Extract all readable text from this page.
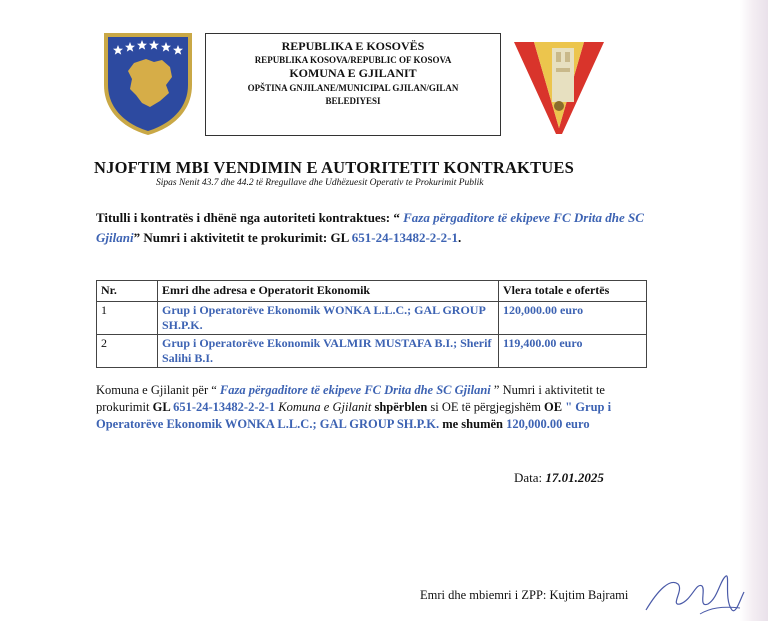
REPUBLIKA E KOSOVËS
REPUBLIKA KOSOVA/REPUBLIC OF KOSOVA
KOMUNA E GJILANIT
OPŠTINA GNJILANE/MUNICIPAL GJILAN/GILAN
BELEDIYESI
NJOFTIM MBI VENDIMIN E AUTORITETIT KONTRAKTUES
Sipas Nenit 43.7 dhe 44.2 të Rregullave dhe Udhëzuesit Operativ te Prokurimit Publik
Titulli i kontratës i dhënë nga autoriteti kontraktues: “ Faza përgaditore të ekipeve FC Drita dhe SC Gjilani” Numri i aktivitetit te prokurimit: GL 651-24-13482-2-2-1.
Nr.	Emri dhe adresa e Operatorit Ekonomik	Vlera totale e ofertës
1	Grup i Operatorëve Ekonomik WONKA L.L.C.; GAL GROUP SH.P.K.	120,000.00 euro
2	Grup i Operatorëve Ekonomik VALMIR MUSTAFA B.I.; Sherif Salihi B.I.	119,400.00 euro
Komuna e Gjilanit për “ Faza përgaditore të ekipeve FC Drita dhe SC Gjilani ” Numri i aktivitetit te prokurimit GL 651-24-13482-2-2-1 Komuna e Gjilanit shpërblen si OE të përgjegjshëm OE " Grup i Operatorëve Ekonomik WONKA L.L.C.; GAL GROUP SH.P.K. me shumën 120,000.00 euro
Data: 17.01.2025
Emri dhe mbiemri i ZPP: Kujtim Bajrami
